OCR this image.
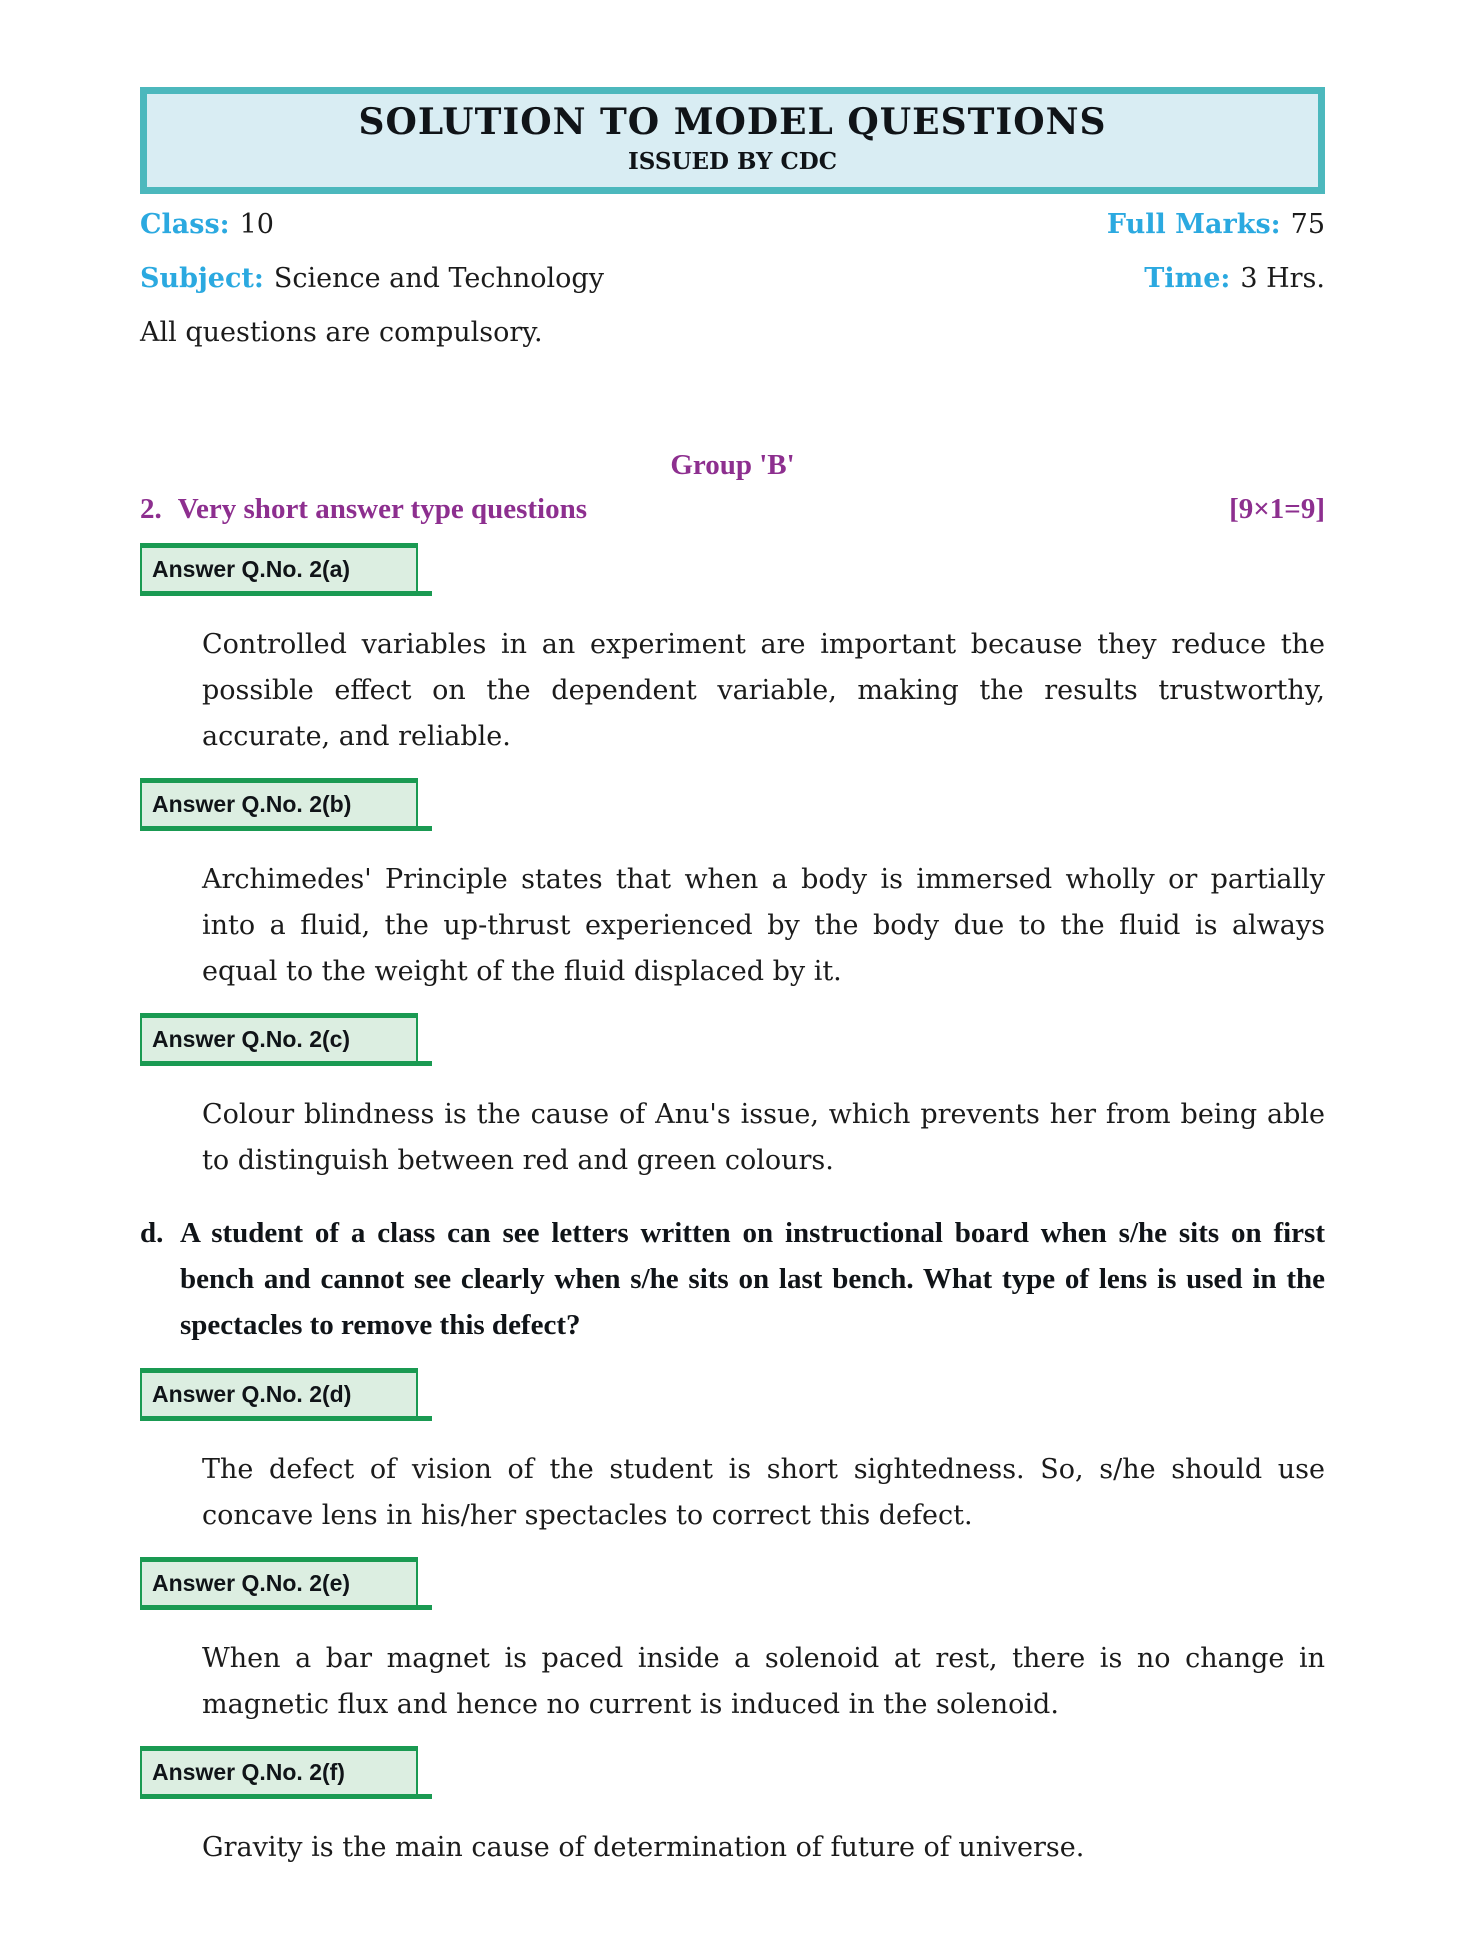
SOLUTION TO MODEL QUESTIONS
ISSUED BY CDC
Class: 10	Full Marks: 75
Subject: Science and Technology	Time: 3 Hrs.
All questions are compulsory.
Group 'B'
2. Very short answer type questions	[9×1=9]
Answer Q.No. 2(a)

Controlled variables in an experiment are important because they reduce the possible effect on the dependent variable, making the results trustworthy, accurate, and reliable.

Answer Q.No. 2(b)

Archimedes' Principle states that when a body is immersed wholly or partially into a fluid, the up-thrust experienced by the body due to the fluid is always equal to the weight of the fluid displaced by it.

Answer Q.No. 2(c)

Colour blindness is the cause of Anu's issue, which prevents her from being able to distinguish between red and green colours.

d. A student of a class can see letters written on instructional board when s/he sits on first bench and cannot see clearly when s/he sits on last bench. What type of lens is used in the spectacles to remove this defect?
Answer Q.No. 2(d)

The defect of vision of the student is short sightedness. So, s/he should use concave lens in his/her spectacles to correct this defect.

Answer Q.No. 2(e)

When a bar magnet is paced inside a solenoid at rest, there is no change in magnetic flux and hence no current is induced in the solenoid.

Answer Q.No. 2(f)

Gravity is the main cause of determination of future of universe.
